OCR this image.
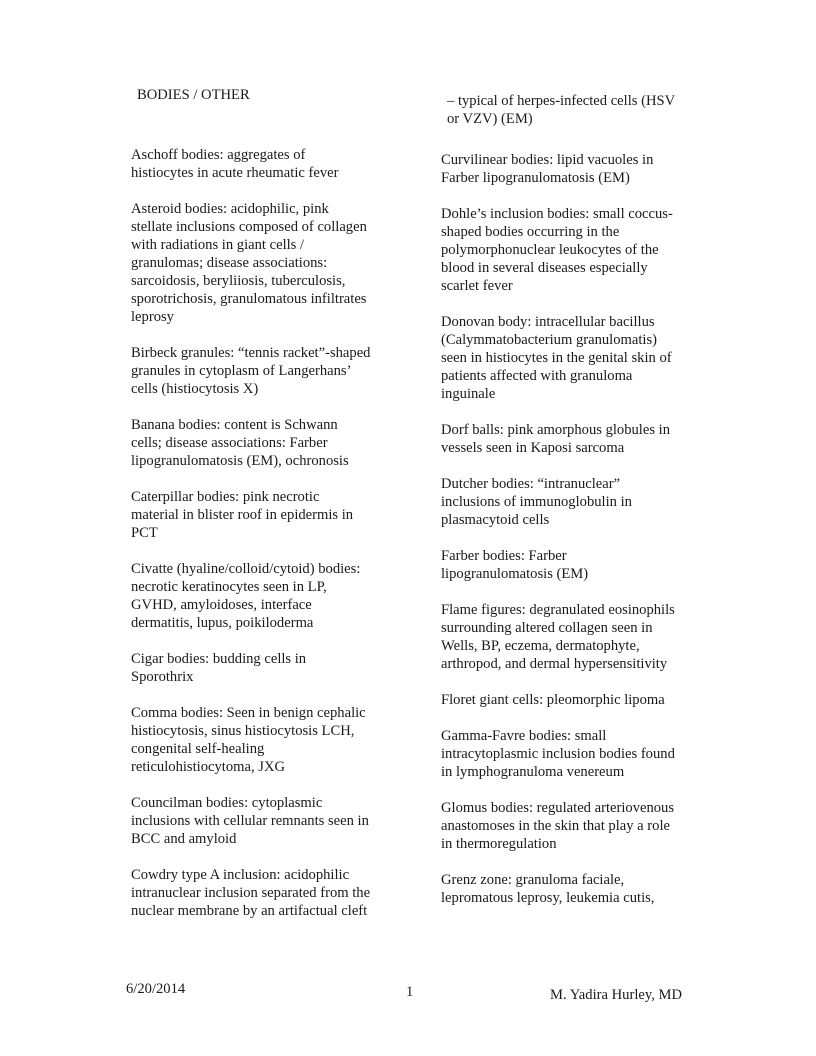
BODIES / OTHER
Aschoff bodies: aggregates of
histiocytes in acute rheumatic fever
Asteroid bodies: acidophilic, pink
stellate inclusions composed of collagen
with radiations in giant cells /
granulomas; disease associations:
sarcoidosis, beryliiosis, tuberculosis,
sporotrichosis, granulomatous infiltrates
leprosy
Birbeck granules: “tennis racket”-shaped
granules in cytoplasm of Langerhans’
cells (histiocytosis X)
Banana bodies: content is Schwann
cells; disease associations: Farber
lipogranulomatosis (EM), ochronosis
Caterpillar bodies: pink necrotic
material in blister roof in epidermis in
PCT
Civatte (hyaline/colloid/cytoid) bodies:
necrotic keratinocytes seen in LP,
GVHD, amyloidoses, interface
dermatitis, lupus, poikiloderma
Cigar bodies: budding cells in
Sporothrix
Comma bodies: Seen in benign cephalic
histiocytosis, sinus histiocytosis LCH,
congenital self-healing
reticulohistiocytoma, JXG
Councilman bodies: cytoplasmic
inclusions with cellular remnants seen in
BCC and amyloid
Cowdry type A inclusion: acidophilic
intranuclear inclusion separated from the
nuclear membrane by an artifactual cleft
– typical of herpes-infected cells (HSV
or VZV) (EM)
Curvilinear bodies: lipid vacuoles in
Farber lipogranulomatosis (EM)
Dohle’s inclusion bodies: small coccus-
shaped bodies occurring in the
polymorphonuclear leukocytes of the
blood in several diseases especially
scarlet fever
Donovan body: intracellular bacillus
(Calymmatobacterium granulomatis)
seen in histiocytes in the genital skin of
patients affected with granuloma
inguinale
Dorf balls: pink amorphous globules in
vessels seen in Kaposi sarcoma
Dutcher bodies: “intranuclear”
inclusions of immunoglobulin in
plasmacytoid cells
Farber bodies: Farber
lipogranulomatosis (EM)
Flame figures: degranulated eosinophils
surrounding altered collagen seen in
Wells, BP, eczema, dermatophyte,
arthropod, and dermal hypersensitivity
Floret giant cells: pleomorphic lipoma
Gamma-Favre bodies: small
intracytoplasmic inclusion bodies found
in lymphogranuloma venereum
Glomus bodies: regulated arteriovenous
anastomoses in the skin that play a role
in thermoregulation
Grenz zone: granuloma faciale,
lepromatous leprosy, leukemia cutis,
6/20/2014	1	M. Yadira Hurley, MD
